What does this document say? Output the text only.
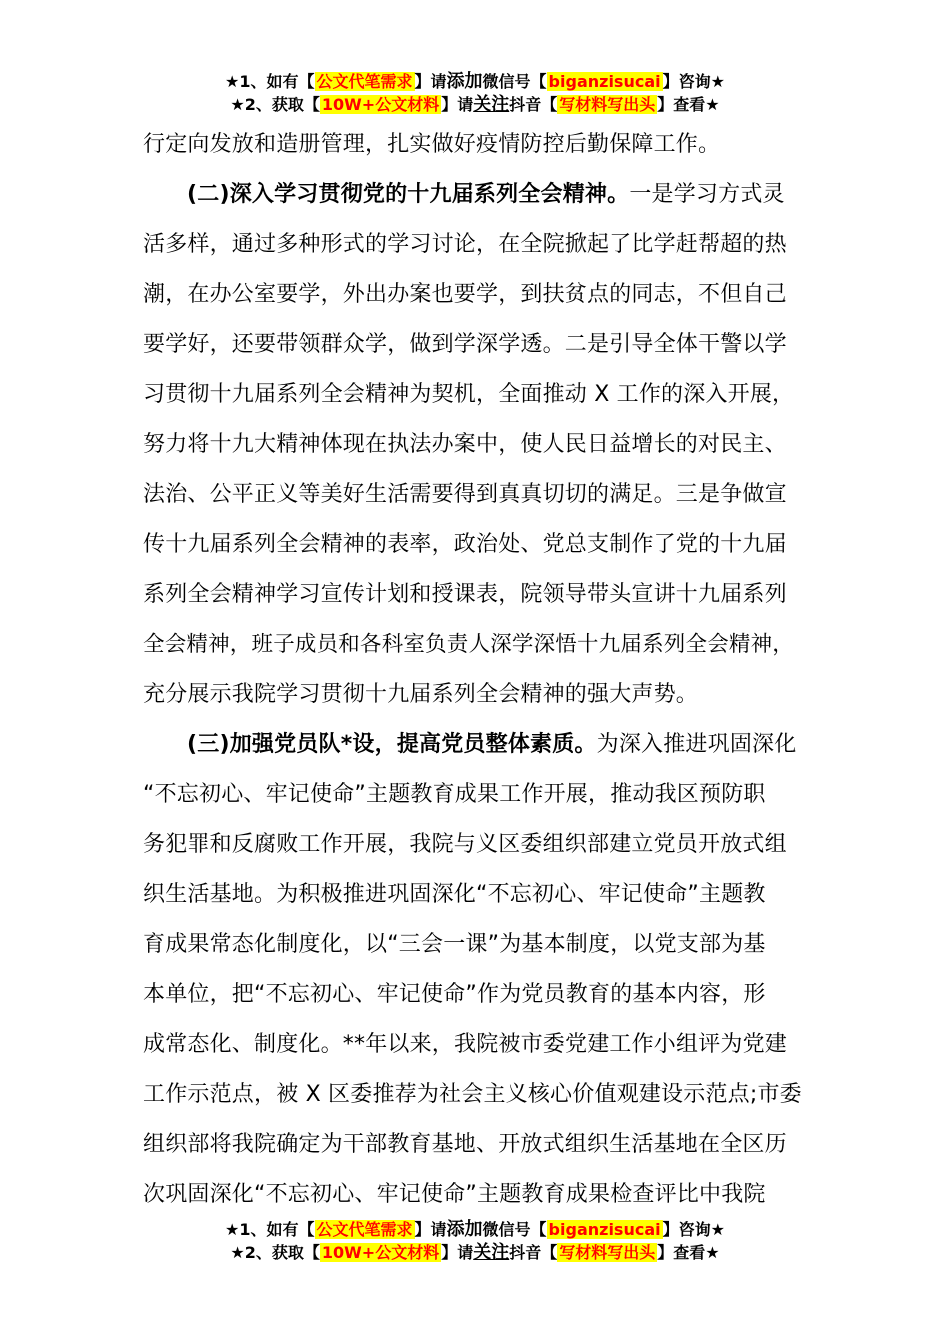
★1、如有【 公文代笔需求 】请添加微信号【 biganzisucai 】咨询★
★2、获取【 10W+公文材料 】请关注抖音【 写材料写出头 】查看★
行定向发放和造册管理，扎实做好疫情防控后勤保障工作。
(二)深入学习贯彻党的十九届系列全会精神。一是学习方式灵
活多样，通过多种形式的学习讨论，在全院掀起了比学赶帮超的热
潮，在办公室要学，外出办案也要学，到扶贫点的同志，不但自己
要学好，还要带领群众学，做到学深学透。二是引导全体干警以学
习贯彻十九届系列全会精神为契机，全面推动 X 工作的深入开展，
努力将十九大精神体现在执法办案中，使人民日益增长的对民主、
法治、公平正义等美好生活需要得到真真切切的满足。三是争做宣
传十九届系列全会精神的表率，政治处、党总支制作了党的十九届
系列全会精神学习宣传计划和授课表，院领导带头宣讲十九届系列
全会精神，班子成员和各科室负责人深学深悟十九届系列全会精神，
充分展示我院学习贯彻十九届系列全会精神的强大声势。
(三)加强党员队*设，提高党员整体素质。为深入推进巩固深化
“不忘初心、牢记使命”主题教育成果工作开展，推动我区预防职
务犯罪和反腐败工作开展，我院与义区委组织部建立党员开放式组
织生活基地。为积极推进巩固深化“不忘初心、牢记使命”主题教
育成果常态化制度化，以“三会一课”为基本制度，以党支部为基
本单位，把“不忘初心、牢记使命”作为党员教育的基本内容，形
成常态化、制度化。**年以来，我院被市委党建工作小组评为党建
工作示范点，被 X 区委推荐为社会主义核心价值观建设示范点;市委
组织部将我院确定为干部教育基地、开放式组织生活基地在全区历
次巩固深化“不忘初心、牢记使命”主题教育成果检查评比中我院
★1、如有【 公文代笔需求 】请添加微信号【 biganzisucai 】咨询★
★2、获取【 10W+公文材料 】请关注抖音【 写材料写出头 】查看★
